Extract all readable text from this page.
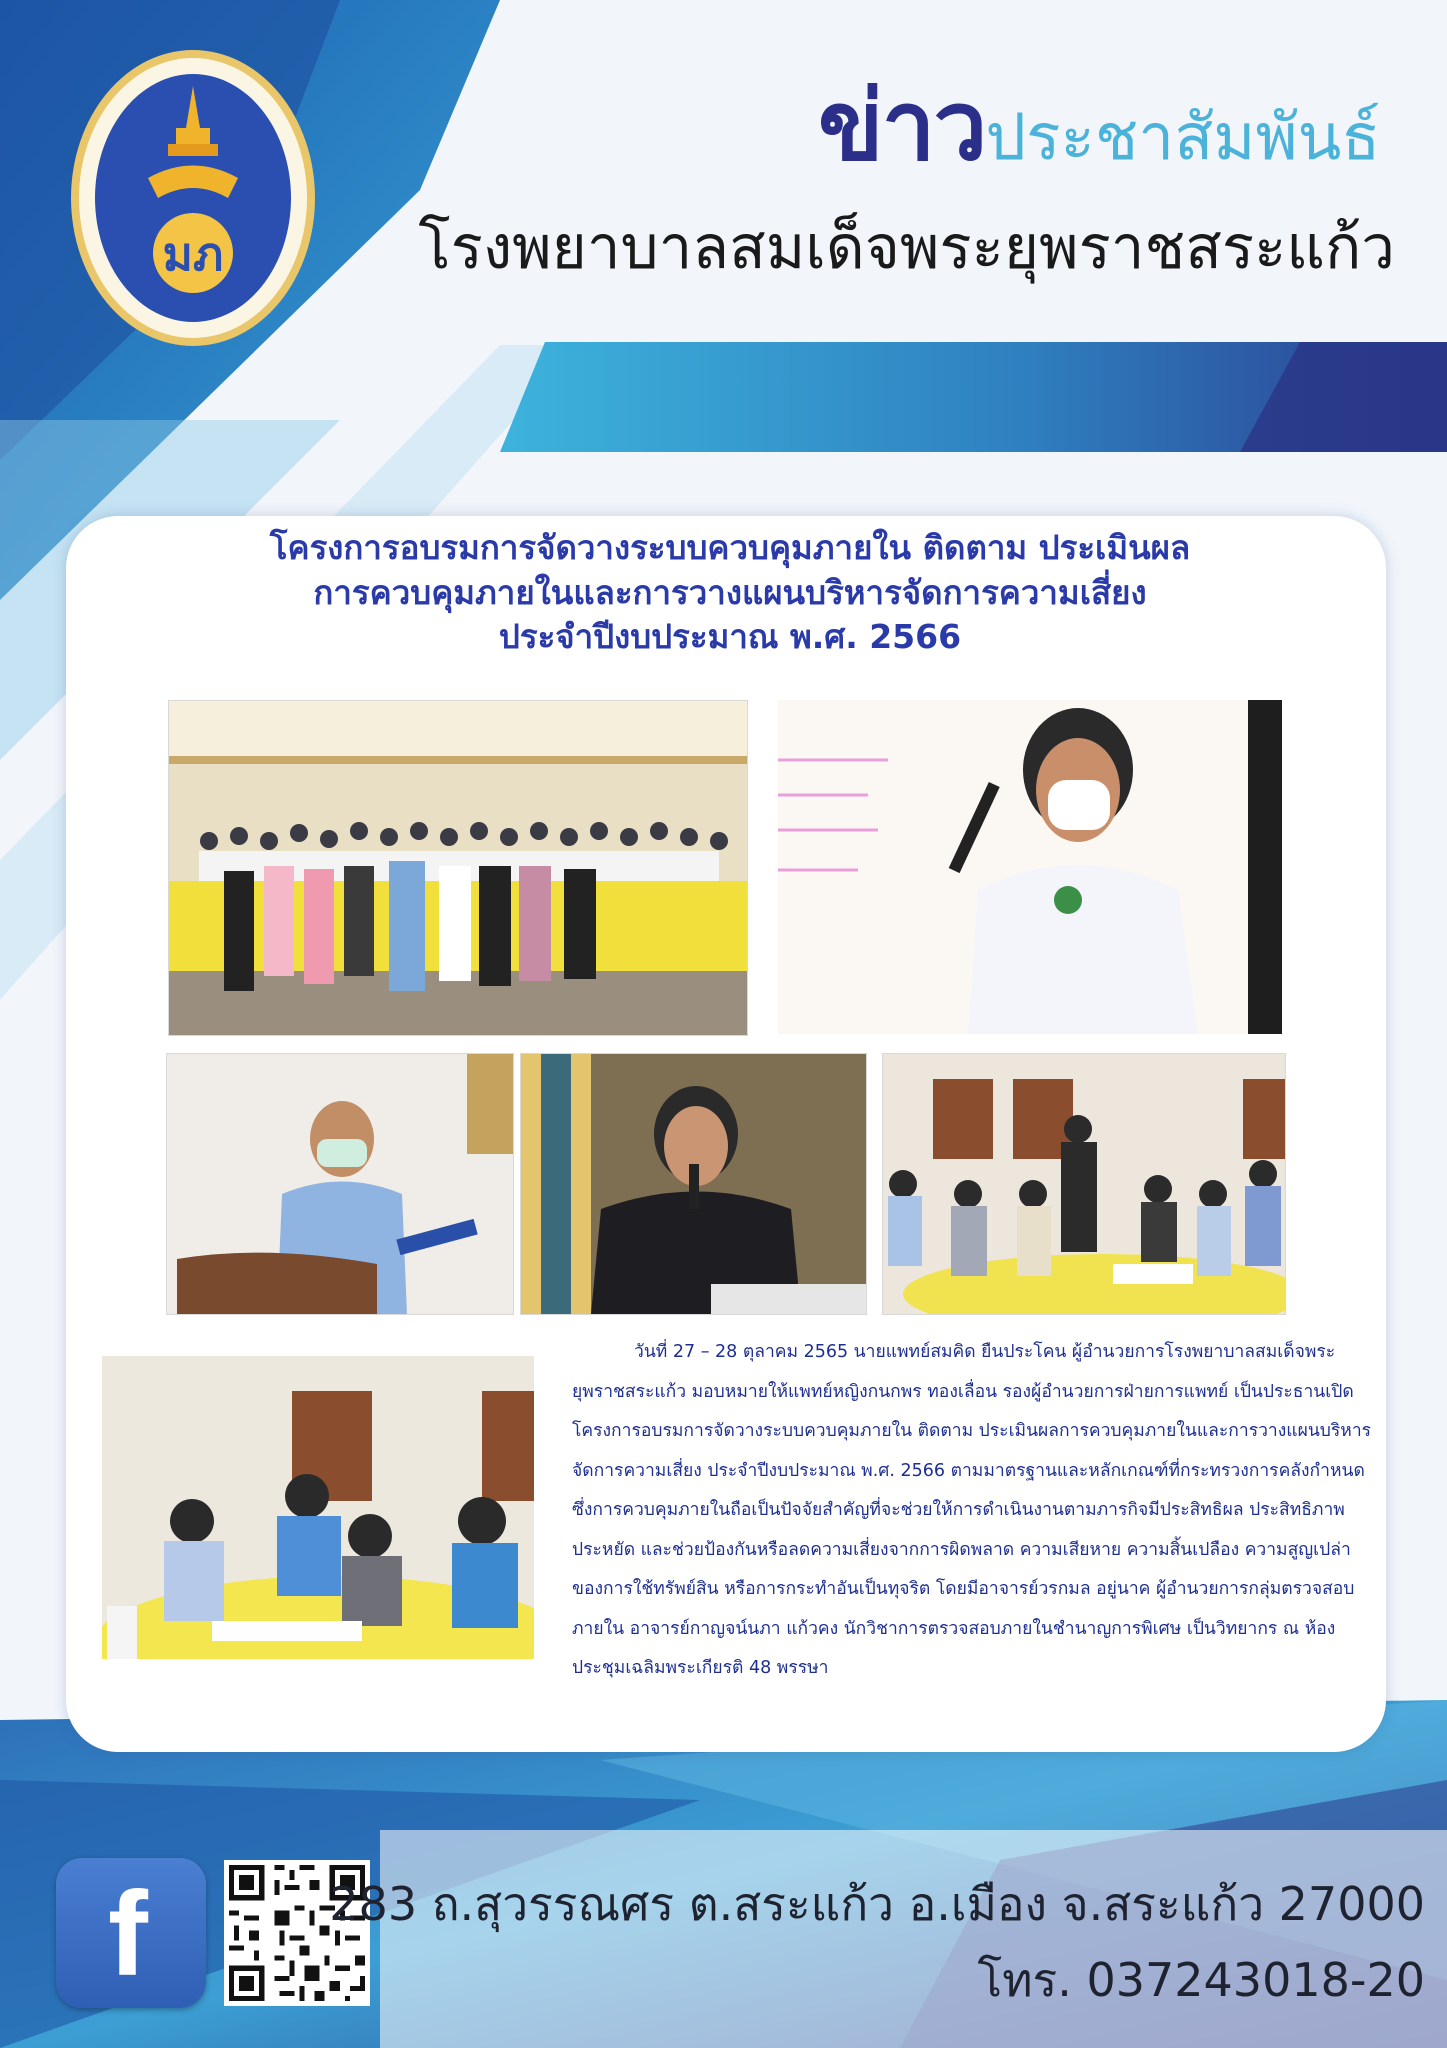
มภ
ข่าวประชาสัมพันธ์
โรงพยาบาลสมเด็จพระยุพราชสระแก้ว
โครงการอบรมการจัดวางระบบควบคุมภายใน ติดตาม ประเมินผล
การควบคุมภายในและการวางแผนบริหารจัดการความเสี่ยง
ประจำปีงบประมาณ พ.ศ. 2566

วันที่ 27 – 28 ตุลาคม 2565 นายแพทย์สมคิด ยืนประโคน ผู้อำนวยการโรงพยาบาลสมเด็จพระยุพราชสระแก้ว มอบหมายให้แพทย์หญิงกนกพร ทองเลื่อน รองผู้อำนวยการฝ่ายการแพทย์ เป็นประธานเปิดโครงการอบรมการจัดวางระบบควบคุมภายใน ติดตาม ประเมินผลการควบคุมภายในและการวางแผนบริหารจัดการความเสี่ยง ประจำปีงบประมาณ พ.ศ. 2566 ตามมาตรฐานและหลักเกณฑ์ที่กระทรวงการคลังกำหนด ซึ่งการควบคุมภายในถือเป็นปัจจัยสำคัญที่จะช่วยให้การดำเนินงานตามภารกิจมีประสิทธิผล ประสิทธิภาพ ประหยัด และช่วยป้องกันหรือลดความเสี่ยงจากการผิดพลาด ความเสียหาย ความสิ้นเปลือง ความสูญเปล่าของการใช้ทรัพย์สิน หรือการกระทำอันเป็นทุจริต โดยมีอาจารย์วรกมล อยู่นาค ผู้อำนวยการกลุ่มตรวจสอบภายใน อาจารย์กาญจน์นภา แก้วคง นักวิชาการตรวจสอบภายในชำนาญการพิเศษ เป็นวิทยากร ณ ห้องประชุมเฉลิมพระเกียรติ 48 พรรษา

f	283 ถ.สุวรรณศร ต.สระแก้ว อ.เมือง จ.สระแก้ว 27000
โทร. 037243018-20
